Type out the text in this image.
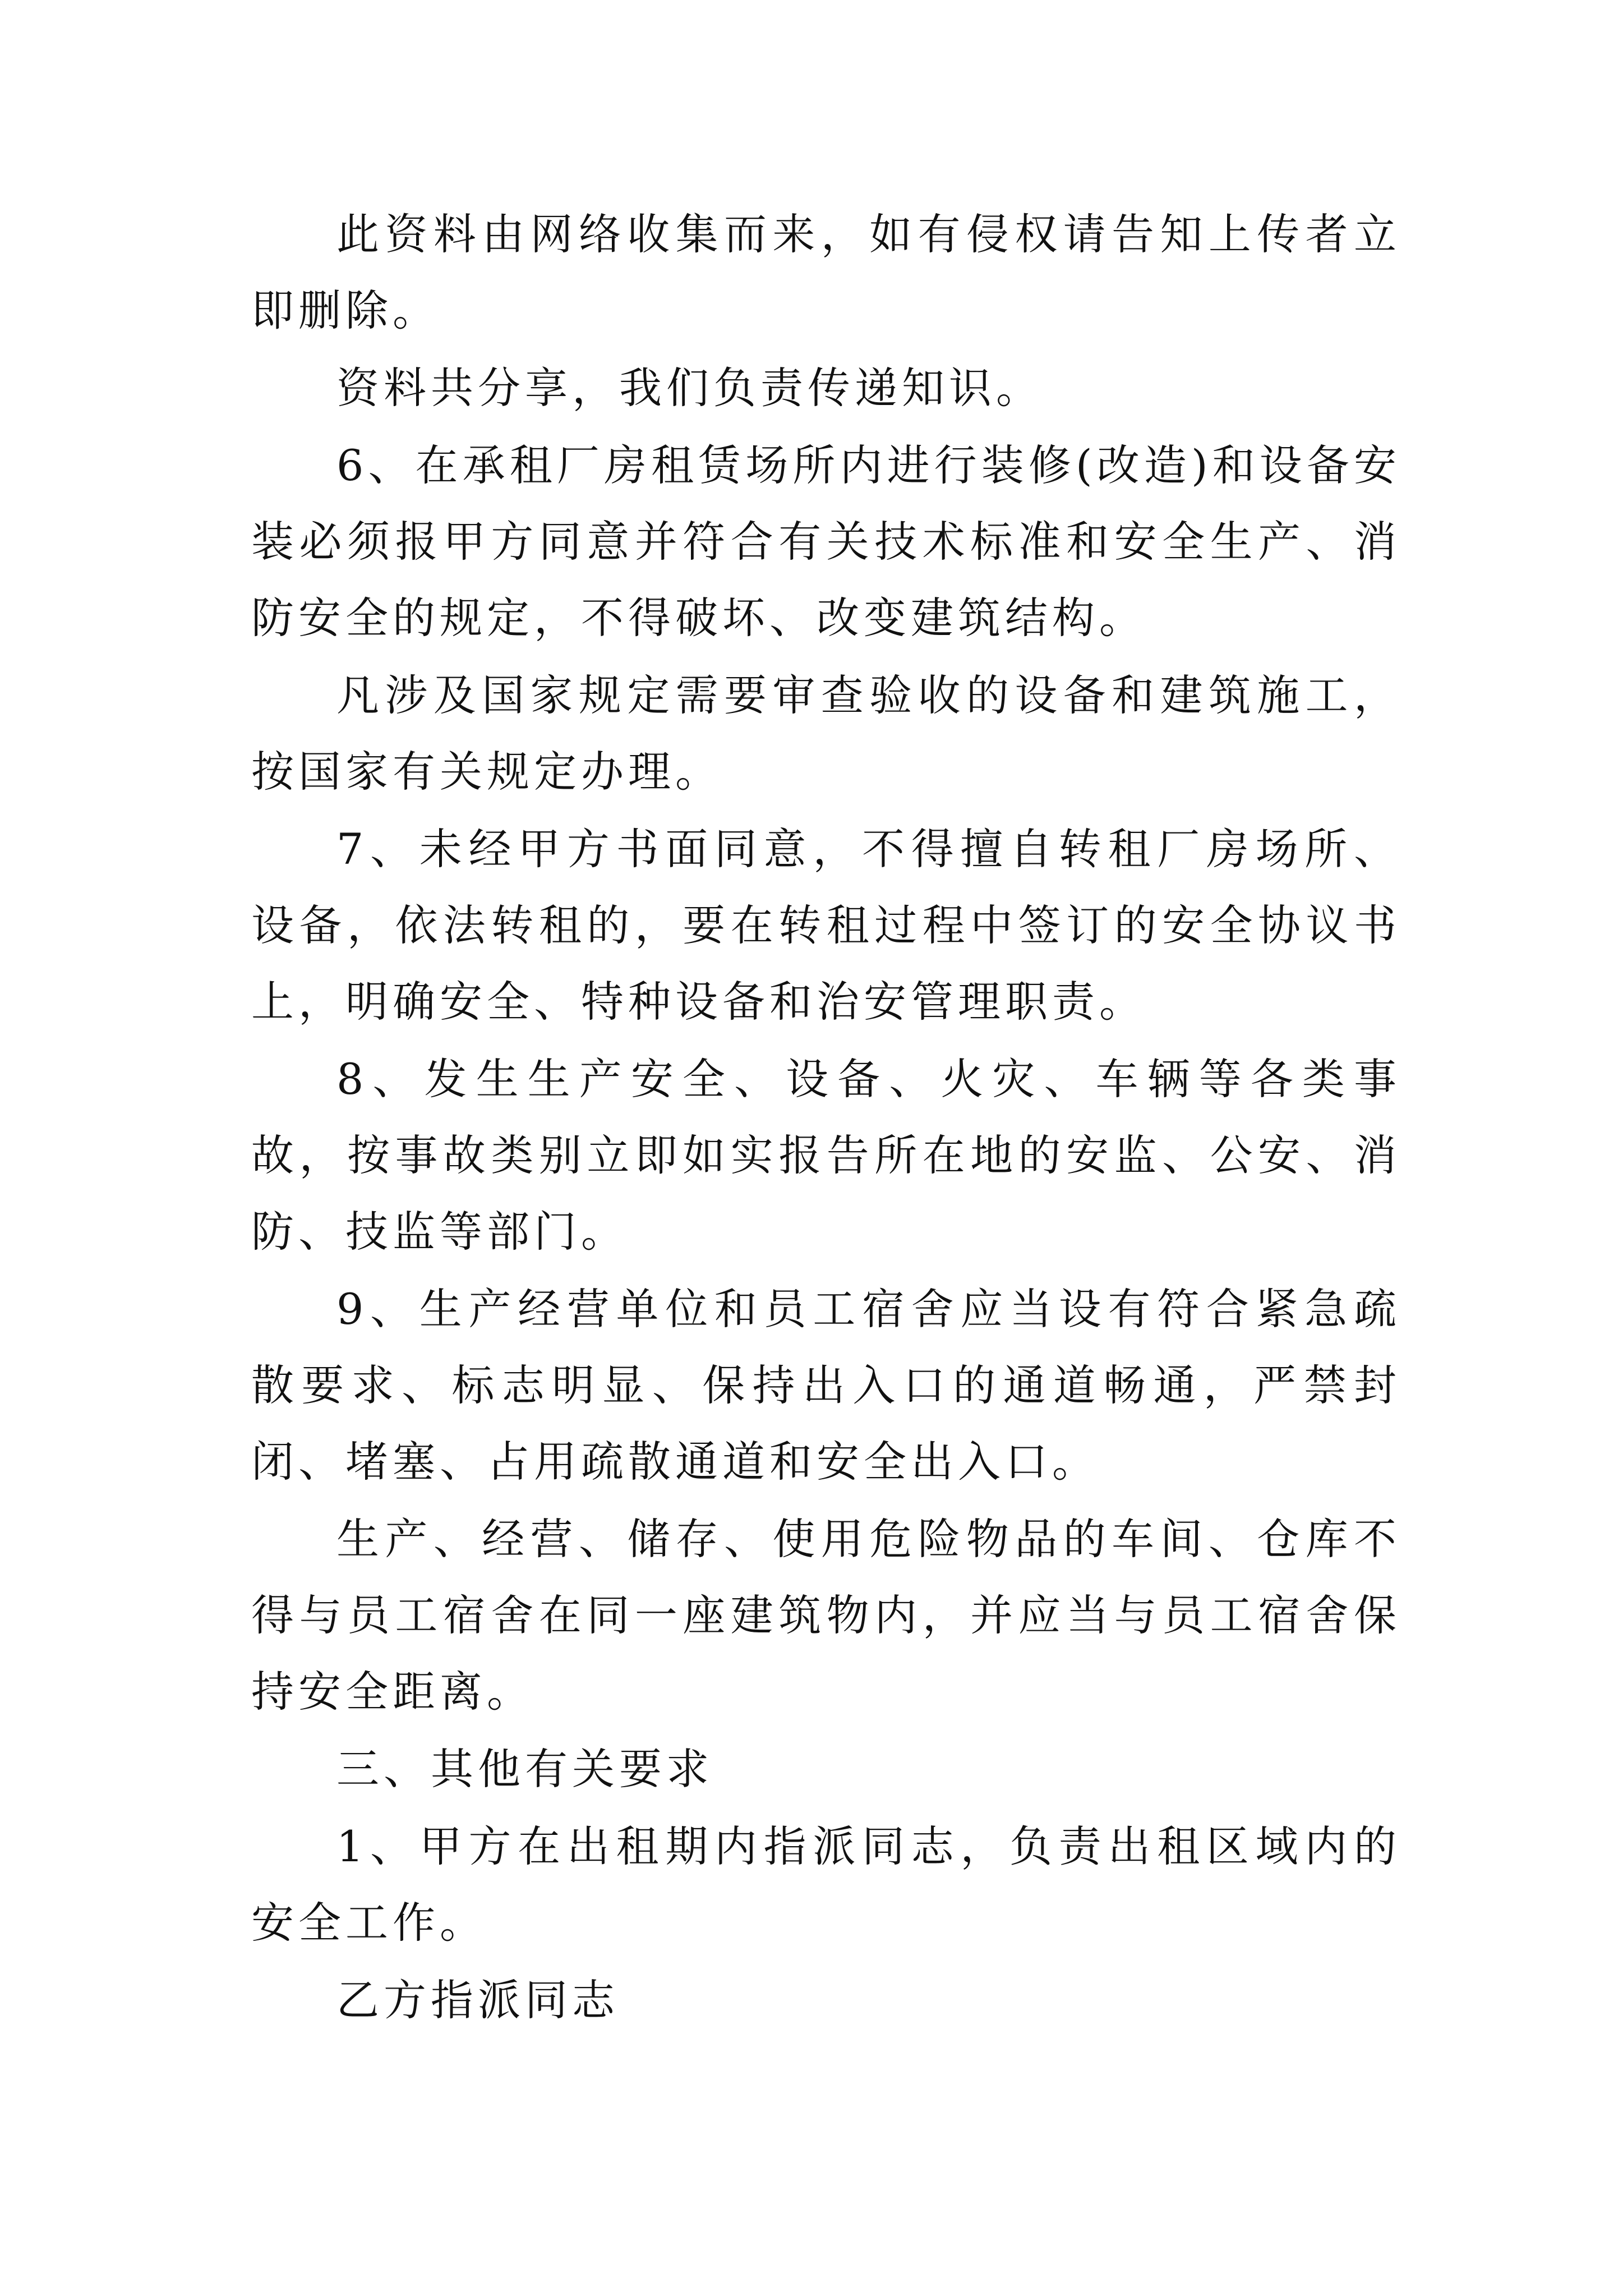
此资料由网络收集而来，如有侵权请告知上传者立即删除。

资料共分享，我们负责传递知识。

6、在承租厂房租赁场所内进行装修(改造)和设备安装必须报甲方同意并符合有关技术标准和安全生产、消防安全的规定，不得破坏、改变建筑结构。

凡涉及国家规定需要审查验收的设备和建筑施工，按国家有关规定办理。

7、未经甲方书面同意，不得擅自转租厂房场所、设备，依法转租的，要在转租过程中签订的安全协议书上，明确安全、特种设备和治安管理职责。

8、发生生产安全、设备、火灾、车辆等各类事故，按事故类别立即如实报告所在地的安监、公安、消防、技监等部门。

9、生产经营单位和员工宿舍应当设有符合紧急疏散要求、标志明显、保持出入口的通道畅通，严禁封闭、堵塞、占用疏散通道和安全出入口。

生产、经营、储存、使用危险物品的车间、仓库不得与员工宿舍在同一座建筑物内，并应当与员工宿舍保持安全距离。

三、其他有关要求

1、甲方在出租期内指派同志，负责出租区域内的安全工作。

乙方指派同志
